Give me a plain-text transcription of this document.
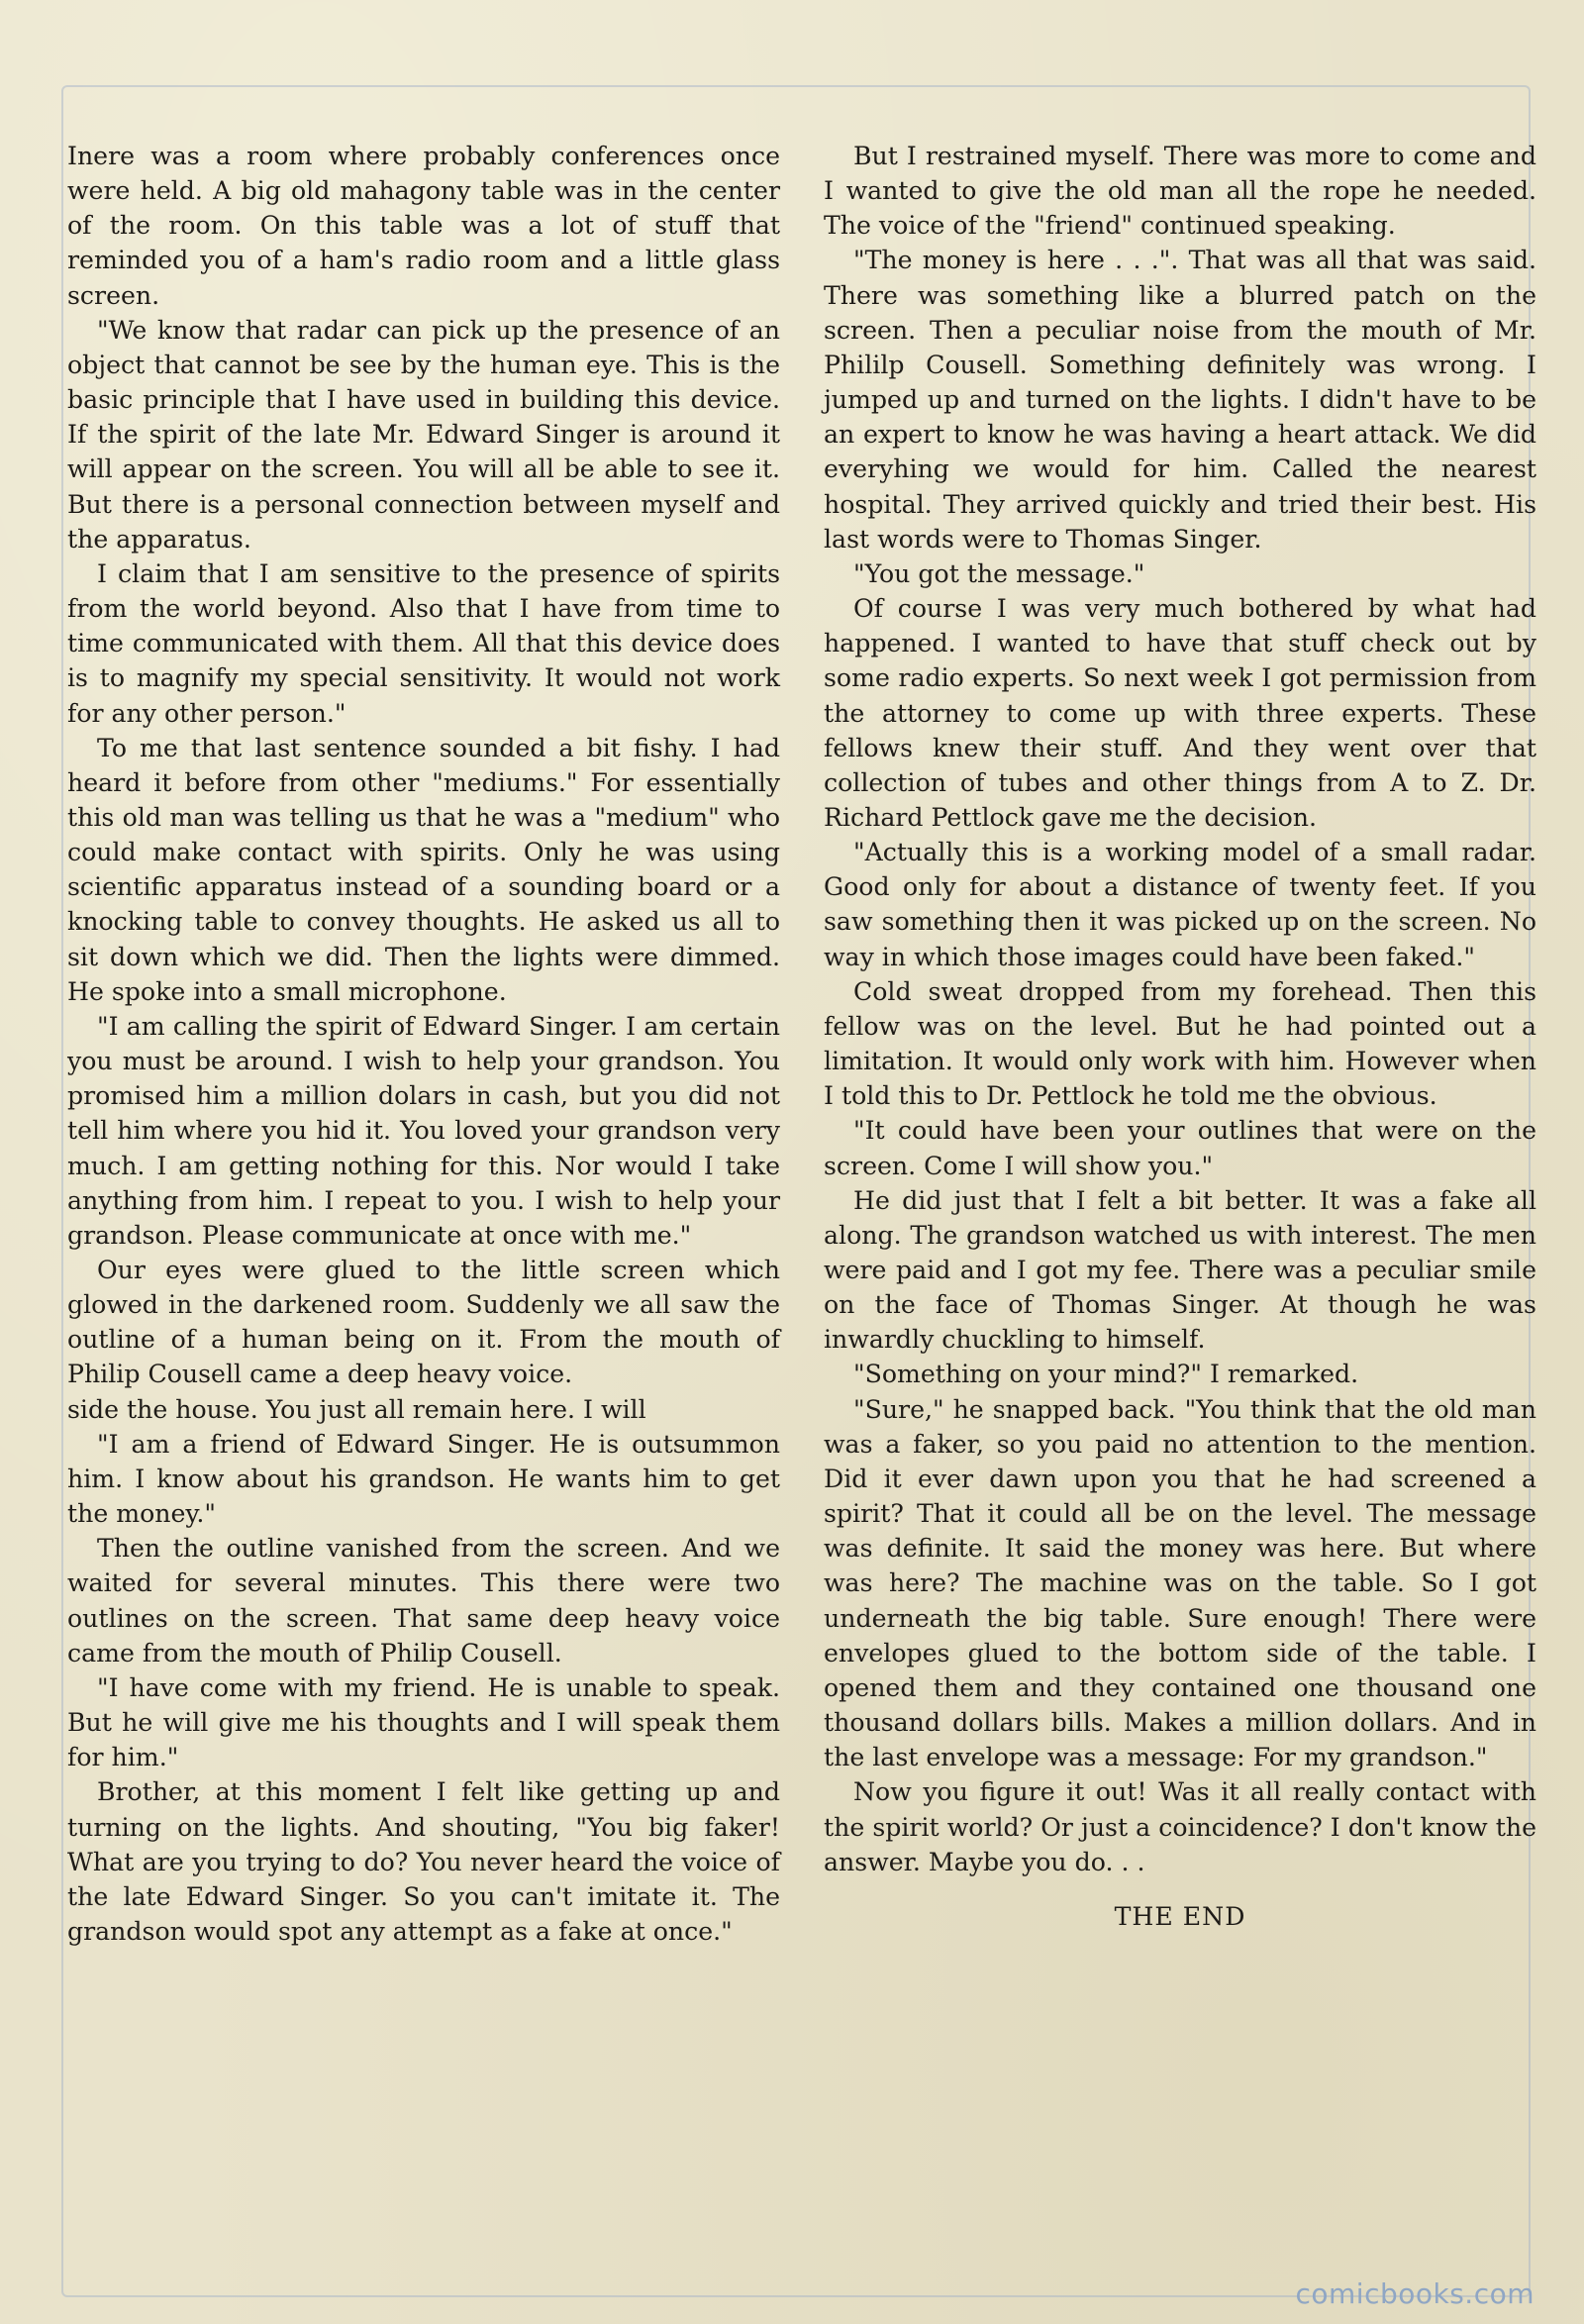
Inere was a room where probably conferences once were held. A big old mahagony table was in the center of the room. On this table was a lot of stuff that reminded you of a ham's radio room and a little glass screen.

"We know that radar can pick up the presence of an object that cannot be see by the human eye. This is the basic principle that I have used in building this device. If the spirit of the late Mr. Edward Singer is around it will appear on the screen. You will all be able to see it. But there is a personal connection between myself and the apparatus.

I claim that I am sensitive to the presence of spirits from the world beyond. Also that I have from time to time communicated with them. All that this device does is to magnify my special sensitivity. It would not work for any other person."

To me that last sentence sounded a bit fishy. I had heard it before from other "mediums." For essentially this old man was telling us that he was a "medium" who could make contact with spirits. Only he was using scientific apparatus instead of a sounding board or a knocking table to convey thoughts. He asked us all to sit down which we did. Then the lights were dimmed. He spoke into a small microphone.

"I am calling the spirit of Edward Singer. I am certain you must be around. I wish to help your grandson. You promised him a million dolars in cash, but you did not tell him where you hid it. You loved your grandson very much. I am getting nothing for this. Nor would I take anything from him. I repeat to you. I wish to help your grandson. Please communicate at once with me."

Our eyes were glued to the little screen which glowed in the darkened room. Suddenly we all saw the outline of a human being on it. From the mouth of Philip Cousell came a deep heavy voice.

side the house. You just all remain here. I will

"I am a friend of Edward Singer. He is outsummon him. I know about his grandson. He wants him to get the money."

Then the outline vanished from the screen. And we waited for several minutes. This there were two outlines on the screen. That same deep heavy voice came from the mouth of Philip Cousell.

"I have come with my friend. He is unable to speak. But he will give me his thoughts and I will speak them for him."

Brother, at this moment I felt like getting up and turning on the lights. And shouting, "You big faker! What are you trying to do? You never heard the voice of the late Edward Singer. So you can't imitate it. The grandson would spot any attempt as a fake at once."

But I restrained myself. There was more to come and I wanted to give the old man all the rope he needed. The voice of the "friend" continued speaking.

"The money is here . . .". That was all that was said. There was something like a blurred patch on the screen. Then a peculiar noise from the mouth of Mr. Phililp Cousell. Something definitely was wrong. I jumped up and turned on the lights. I didn't have to be an expert to know he was having a heart attack. We did everyhing we would for him. Called the nearest hospital. They arrived quickly and tried their best. His last words were to Thomas Singer.

"You got the message."

Of course I was very much bothered by what had happened. I wanted to have that stuff check out by some radio experts. So next week I got permission from the attorney to come up with three experts. These fellows knew their stuff. And they went over that collection of tubes and other things from A to Z. Dr. Richard Pettlock gave me the decision.

"Actually this is a working model of a small radar. Good only for about a distance of twenty feet. If you saw something then it was picked up on the screen. No way in which those images could have been faked."

Cold sweat dropped from my forehead. Then this fellow was on the level. But he had pointed out a limitation. It would only work with him. However when I told this to Dr. Pettlock he told me the obvious.

"It could have been your outlines that were on the screen. Come I will show you."

He did just that I felt a bit better. It was a fake all along. The grandson watched us with interest. The men were paid and I got my fee. There was a peculiar smile on the face of Thomas Singer. At though he was inwardly chuckling to himself.

"Something on your mind?" I remarked.

"Sure," he snapped back. "You think that the old man was a faker, so you paid no attention to the mention. Did it ever dawn upon you that he had screened a spirit? That it could all be on the level. The message was definite. It said the money was here. But where was here? The machine was on the table. So I got underneath the big table. Sure enough! There were envelopes glued to the bottom side of the table. I opened them and they contained one thousand one thousand dollars bills. Makes a million dollars. And in the last envelope was a message: For my grandson."

Now you figure it out! Was it all really contact with the spirit world? Or just a coincidence? I don't know the answer. Maybe you do. . .

THE END

comicbooks.com
